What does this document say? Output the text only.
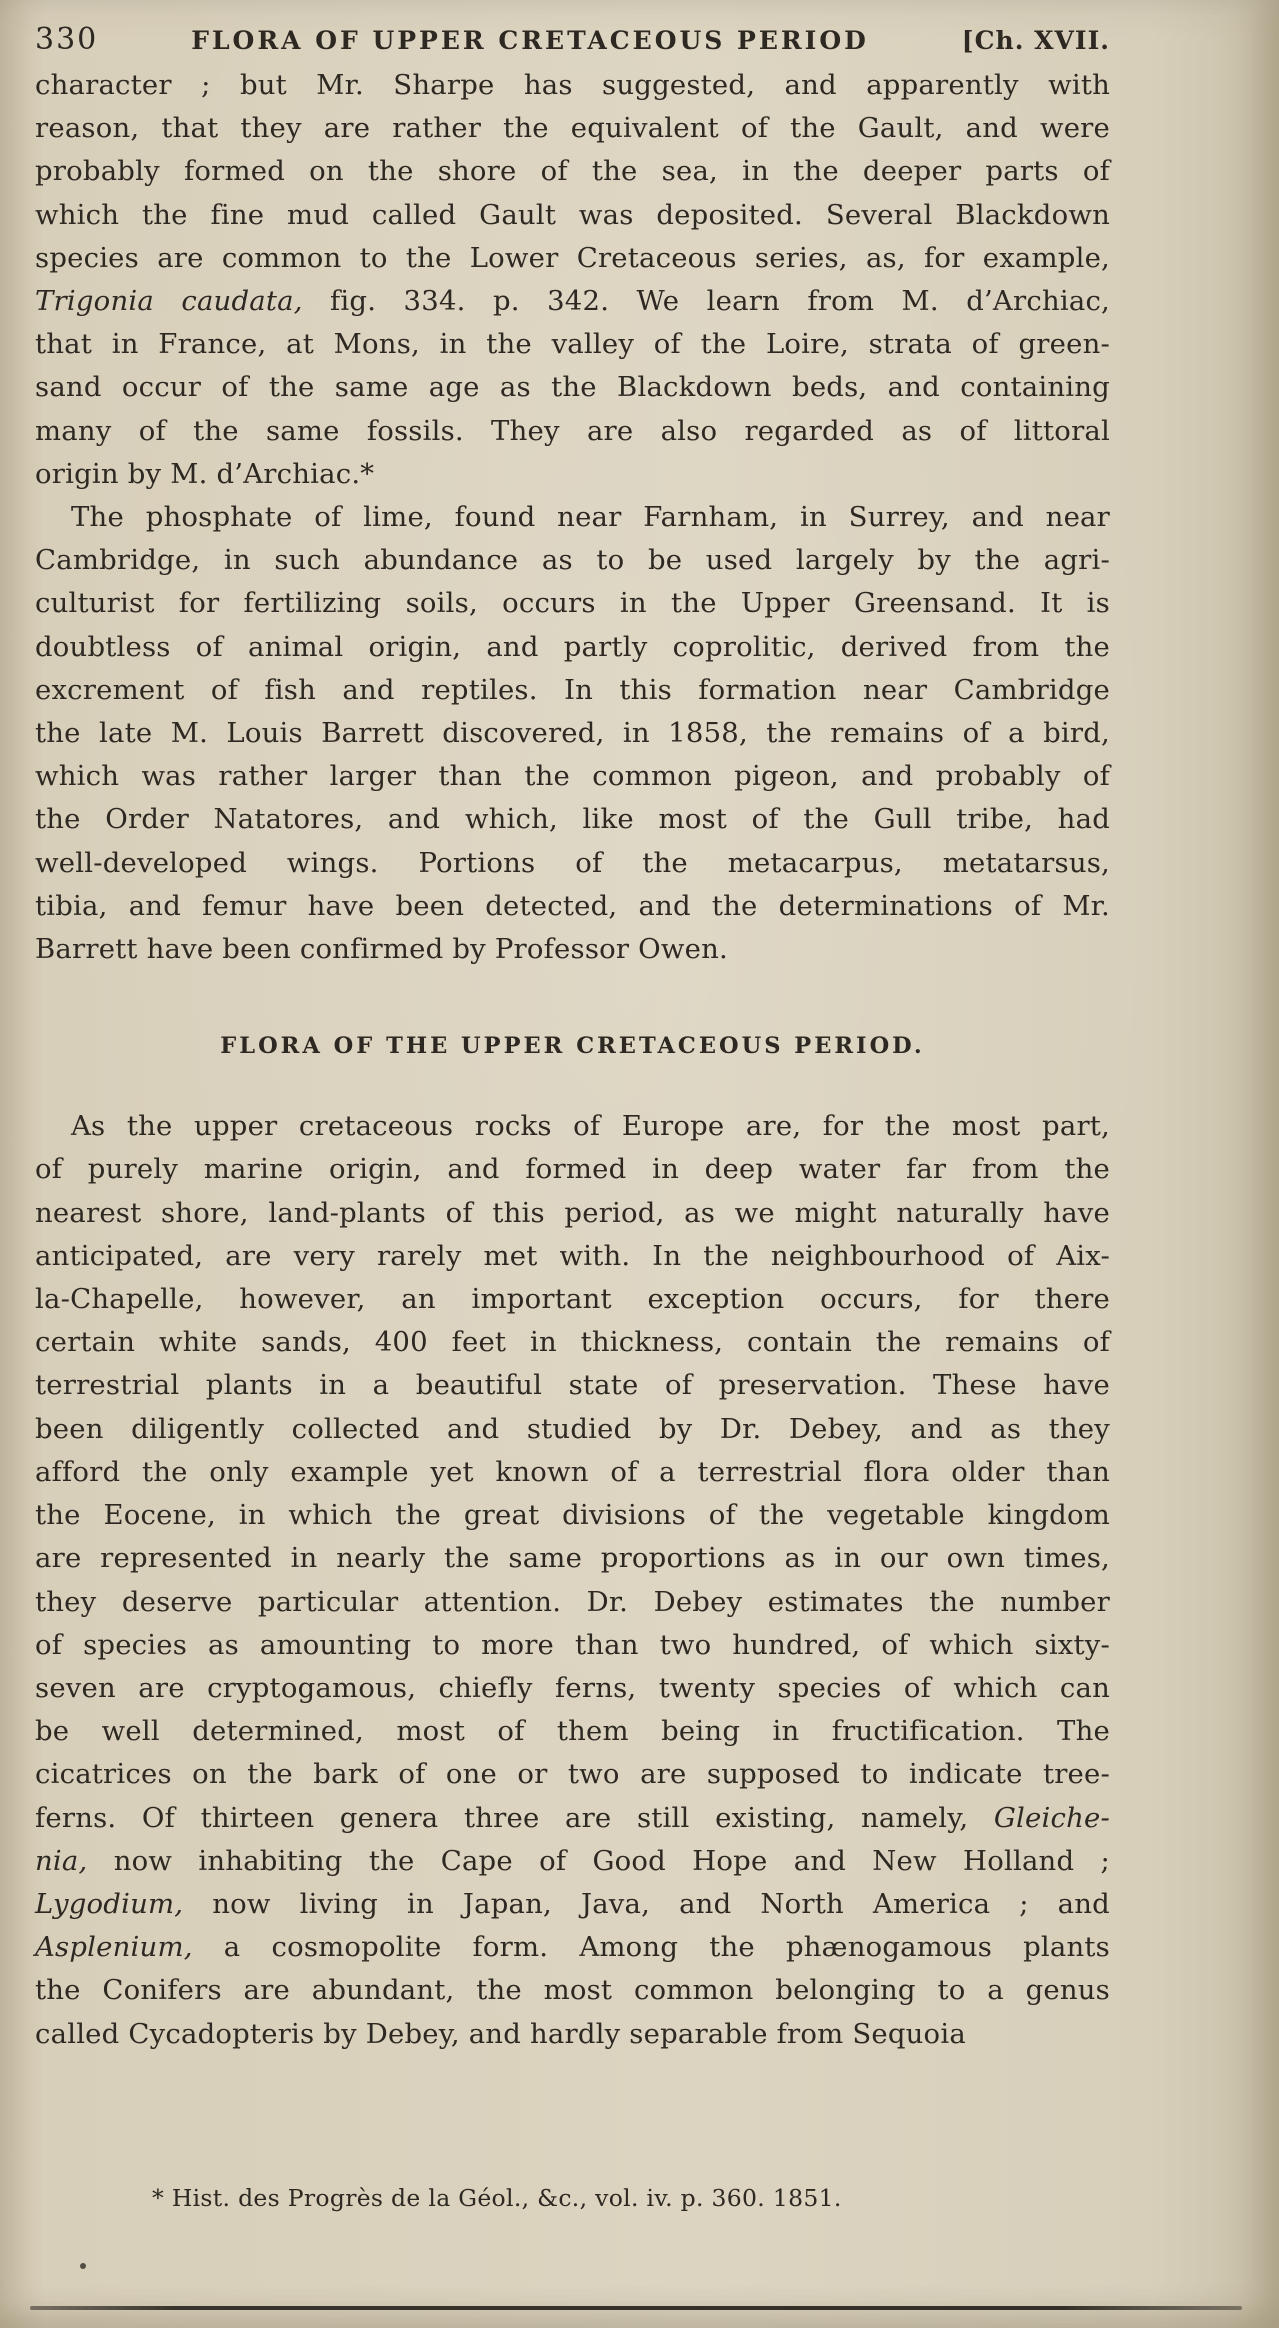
330	FLORA OF UPPER CRETACEOUS PERIOD	[Ch. XVII.
character ; but Mr. Sharpe has suggested, and apparently with
reason, that they are rather the equivalent of the Gault, and were
probably formed on the shore of the sea, in the deeper parts of
which the fine mud called Gault was deposited. Several Blackdown
species are common to the Lower Cretaceous series, as, for example,
Trigonia caudata, fig. 334. p. 342. We learn from M. d’Archiac,
that in France, at Mons, in the valley of the Loire, strata of green-
sand occur of the same age as the Blackdown beds, and containing
many of the same fossils. They are also regarded as of littoral
origin by M. d’Archiac.*
The phosphate of lime, found near Farnham, in Surrey, and near
Cambridge, in such abundance as to be used largely by the agri-
culturist for fertilizing soils, occurs in the Upper Greensand. It is
doubtless of animal origin, and partly coprolitic, derived from the
excrement of fish and reptiles. In this formation near Cambridge
the late M. Louis Barrett discovered, in 1858, the remains of a bird,
which was rather larger than the common pigeon, and probably of
the Order Natatores, and which, like most of the Gull tribe, had
well-developed wings. Portions of the metacarpus, metatarsus,
tibia, and femur have been detected, and the determinations of Mr.
Barrett have been confirmed by Professor Owen.
FLORA OF THE UPPER CRETACEOUS PERIOD.
As the upper cretaceous rocks of Europe are, for the most part,
of purely marine origin, and formed in deep water far from the
nearest shore, land-plants of this period, as we might naturally have
anticipated, are very rarely met with. In the neighbourhood of Aix-
la-Chapelle, however, an important exception occurs, for there
certain white sands, 400 feet in thickness, contain the remains of
terrestrial plants in a beautiful state of preservation. These have
been diligently collected and studied by Dr. Debey, and as they
afford the only example yet known of a terrestrial flora older than
the Eocene, in which the great divisions of the vegetable kingdom
are represented in nearly the same proportions as in our own times,
they deserve particular attention. Dr. Debey estimates the number
of species as amounting to more than two hundred, of which sixty-
seven are cryptogamous, chiefly ferns, twenty species of which can
be well determined, most of them being in fructification. The
cicatrices on the bark of one or two are supposed to indicate tree-
ferns. Of thirteen genera three are still existing, namely, Gleiche-
nia, now inhabiting the Cape of Good Hope and New Holland ;
Lygodium, now living in Japan, Java, and North America ; and
Asplenium, a cosmopolite form. Among the phænogamous plants
the Conifers are abundant, the most common belonging to a genus
called Cycadopteris by Debey, and hardly separable from Sequoia
* Hist. des Progrès de la Géol., &c., vol. iv. p. 360. 1851.
